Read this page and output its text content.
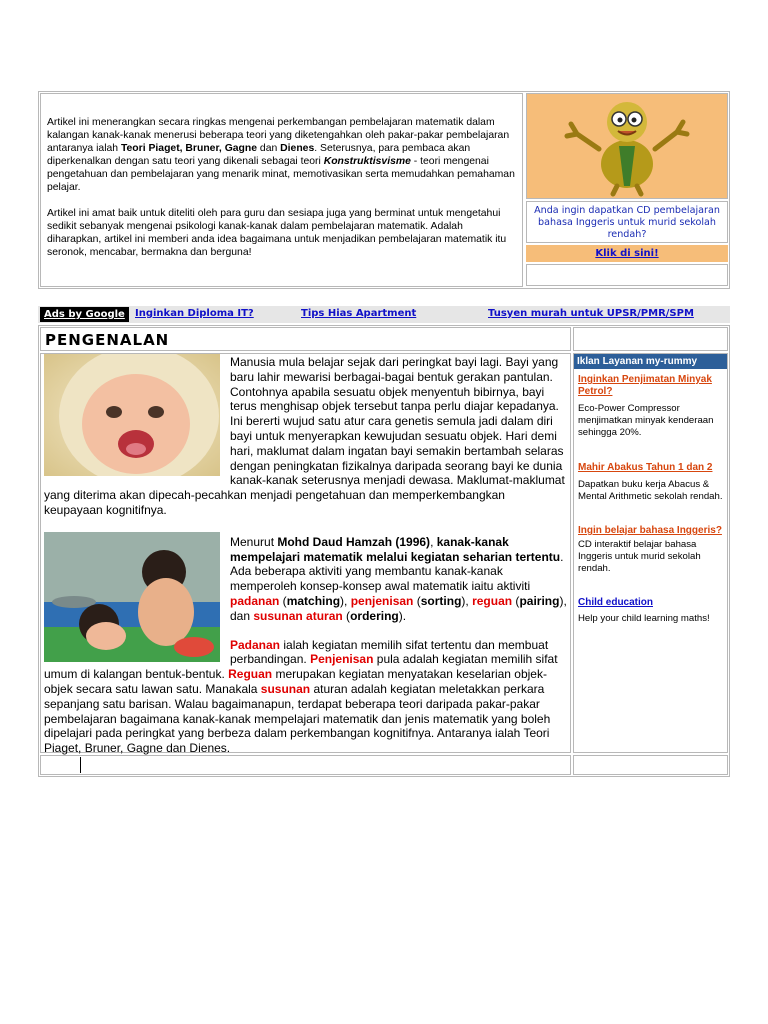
Artikel ini menerangkan secara ringkas mengenai perkembangan pembelajaran matematik dalam kalangan kanak-kanak menerusi beberapa teori yang diketengahkan oleh pakar-pakar pembelajaran antaranya ialah Teori Piaget, Bruner, Gagne dan Dienes. Seterusnya, para pembaca akan diperkenalkan dengan satu teori yang dikenali sebagai teori Konstruktisvisme - teori mengenai pengetahuan dan pembelajaran yang menarik minat, memotivasikan serta memudahkan pemahaman pelajar.

Artikel ini amat baik untuk diteliti oleh para guru dan sesiapa juga yang berminat untuk mengetahui sedikit sebanyak mengenai psikologi kanak-kanak dalam pembelajaran matematik. Adalah diharapkan, artikel ini memberi anda idea bagaimana untuk menjadikan pembelajaran matematik itu seronok, mencabar, bermakna dan berguna!

Anda ingin dapatkan CD pembelajaran bahasa Inggeris untuk murid sekolah rendah?
Klik di sini!
Ads by Google	Inginkan Diploma IT?	Tips Hias Apartment	Tusyen murah untuk UPSR/PMR/SPM
PENGENALAN

Manusia mula belajar sejak dari peringkat bayi lagi. Bayi yang baru lahir mewarisi berbagai-bagai bentuk gerakan pantulan. Contohnya apabila sesuatu objek menyentuh bibirnya, bayi terus menghisap objek tersebut tanpa perlu diajar kepadanya. Ini bererti wujud satu atur cara genetis semula jadi dalam diri bayi untuk menyerapkan kewujudan sesuatu objek. Hari demi hari, maklumat dalam ingatan bayi semakin bertambah selaras dengan peningkatan fizikalnya daripada seorang bayi ke dunia kanak-kanak seterusnya menjadi dewasa. Maklumat-maklumat yang diterima akan dipecah-pecahkan menjadi pengetahuan dan memperkembangkan keupayaan kognitifnya.

Menurut Mohd Daud Hamzah (1996), kanak-kanak mempelajari matematik melalui kegiatan seharian tertentu. Ada beberapa aktiviti yang membantu kanak-kanak memperoleh konsep-konsep awal matematik iaitu aktiviti padanan (matching), penjenisan (sorting), reguan (pairing), dan susunan aturan (ordering).

Padanan ialah kegiatan memilih sifat tertentu dan membuat perbandingan. Penjenisan pula adalah kegiatan memilih sifat umum di kalangan bentuk-bentuk. Reguan merupakan kegiatan menyatakan keselarian objek-objek secara satu lawan satu. Manakala susunan aturan adalah kegiatan meletakkan perkara sepanjang satu barisan. Walau bagaimanapun, terdapat beberapa teori daripada pakar-pakar pembelajaran bagaimana kanak-kanak mempelajari matematik dan jenis matematik yang boleh dipelajari pada peringkat yang berbeza dalam perkembangan kognitifnya. Antaranya ialah Teori Piaget, Bruner, Gagne dan Dienes.

Iklan Layanan my-rummy
Inginkan Penjimatan Minyak Petrol?
Eco-Power Compressor menjimatkan minyak kenderaan sehingga 20%.
Mahir Abakus Tahun 1 dan 2
Dapatkan buku kerja Abacus & Mental Arithmetic sekolah rendah.
Ingin belajar bahasa Inggeris?
CD interaktif belajar bahasa Inggeris untuk murid sekolah rendah.
Child education
Help your child learning maths!
